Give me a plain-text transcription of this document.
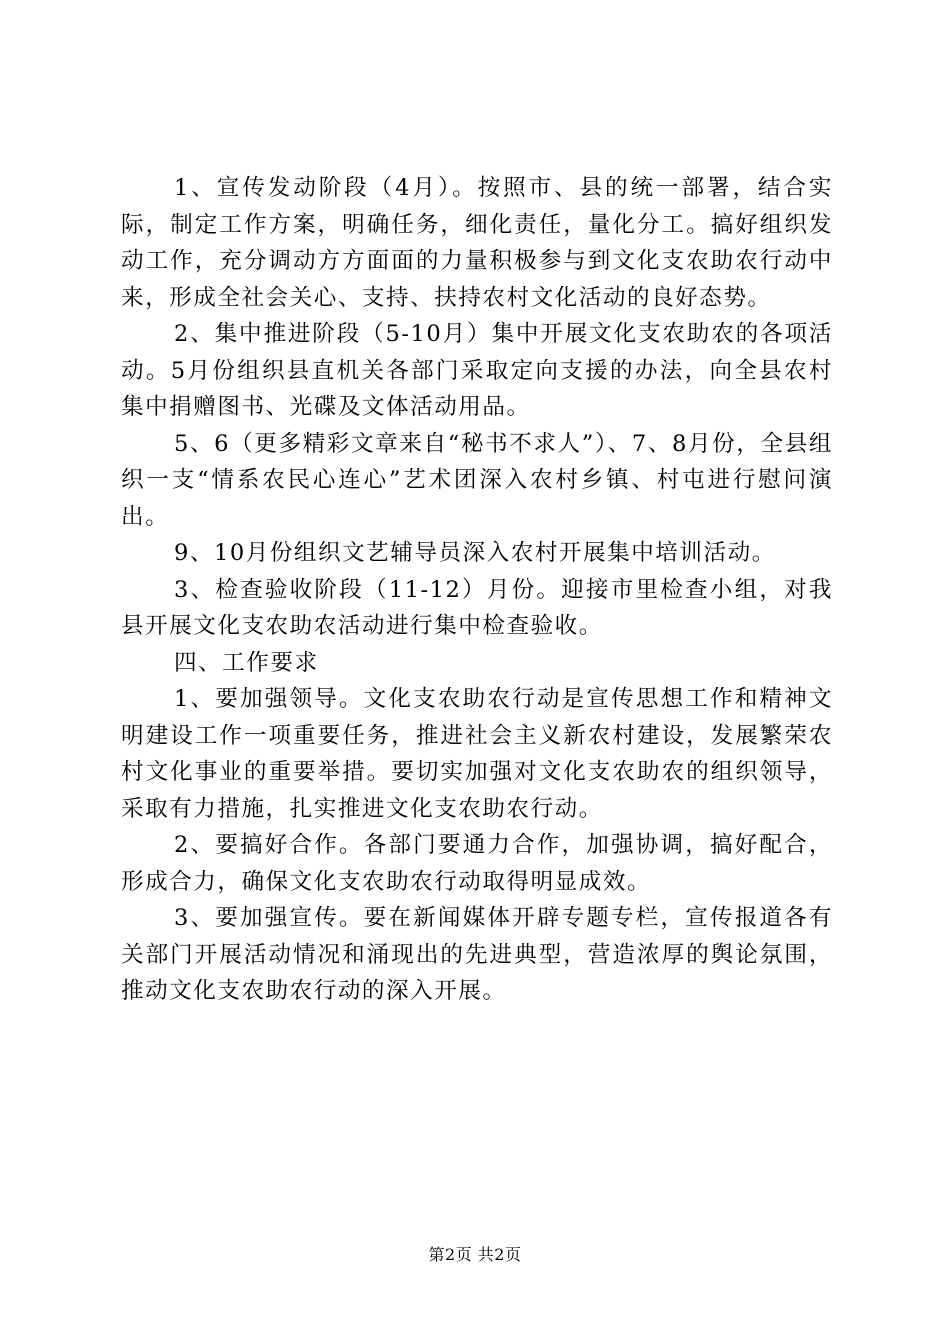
1、宣传发动阶段（4月）。按照市、县的统一部署，结合实际，制定工作方案，明确任务，细化责任，量化分工。搞好组织发动工作，充分调动方方面面的力量积极参与到文化支农助农行动中来，形成全社会关心、支持、扶持农村文化活动的良好态势。

2、集中推进阶段（5-10月）集中开展文化支农助农的各项活动。5月份组织县直机关各部门采取定向支援的办法，向全县农村集中捐赠图书、光碟及文体活动用品。

5、6（更多精彩文章来自“秘书不求人”）、7、8月份，全县组织一支“情系农民心连心”艺术团深入农村乡镇、村屯进行慰问演出。

9、10月份组织文艺辅导员深入农村开展集中培训活动。

3、检查验收阶段（11-12）月份。迎接市里检查小组，对我县开展文化支农助农活动进行集中检查验收。

四、工作要求

1、要加强领导。文化支农助农行动是宣传思想工作和精神文明建设工作一项重要任务，推进社会主义新农村建设，发展繁荣农村文化事业的重要举措。要切实加强对文化支农助农的组织领导，采取有力措施，扎实推进文化支农助农行动。

2、要搞好合作。各部门要通力合作，加强协调，搞好配合，形成合力，确保文化支农助农行动取得明显成效。

3、要加强宣传。要在新闻媒体开辟专题专栏，宣传报道各有关部门开展活动情况和涌现出的先进典型，营造浓厚的舆论氛围，推动文化支农助农行动的深入开展。

第2页 共2页
